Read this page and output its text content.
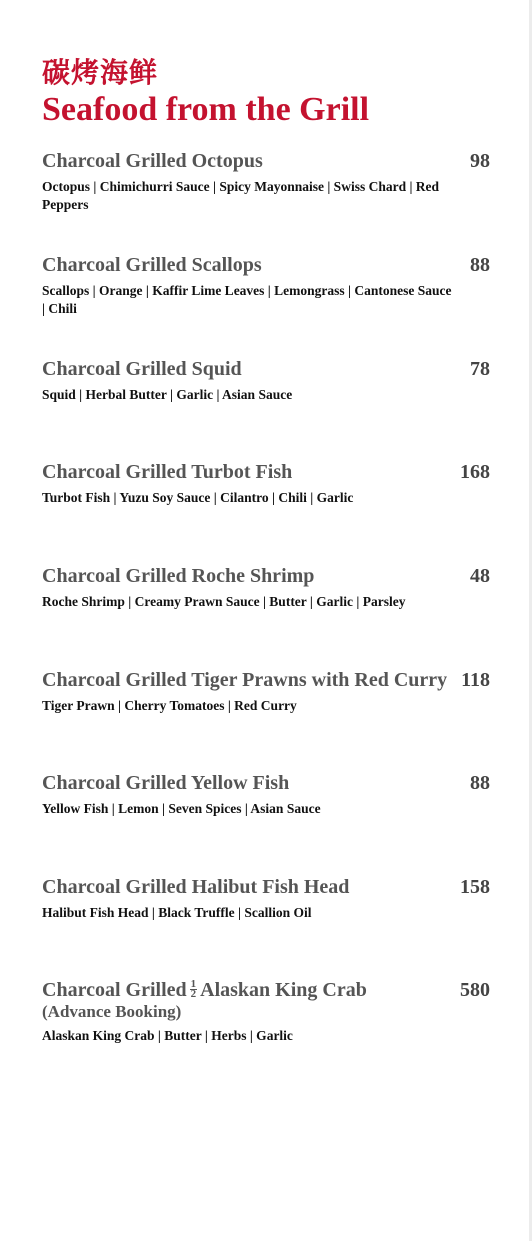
碳烤海鲜
Seafood from the Grill
Charcoal Grilled Octopus	98
Octopus | Chimichurri Sauce | Spicy Mayonnaise | Swiss Chard | Red Peppers
Charcoal Grilled Scallops	88
Scallops | Orange | Kaffir Lime Leaves | Lemongrass | Cantonese Sauce | Chili
Charcoal Grilled Squid	78
Squid | Herbal Butter | Garlic | Asian Sauce
Charcoal Grilled Turbot Fish	168
Turbot Fish | Yuzu Soy Sauce | Cilantro | Chili | Garlic
Charcoal Grilled Roche Shrimp	48
Roche Shrimp | Creamy Prawn Sauce | Butter | Garlic | Parsley
Charcoal Grilled Tiger Prawns with Red Curry 118
Tiger Prawn | Cherry Tomatoes | Red Curry
Charcoal Grilled Yellow Fish	88
Yellow Fish | Lemon | Seven Spices | Asian Sauce
Charcoal Grilled Halibut Fish Head	158
Halibut Fish Head | Black Truffle | Scallion Oil
Charcoal Grilled $\frac{1}{2}$ Alaskan King Crab
(Advance Booking)
580
Alaskan King Crab | Butter | Herbs | Garlic
